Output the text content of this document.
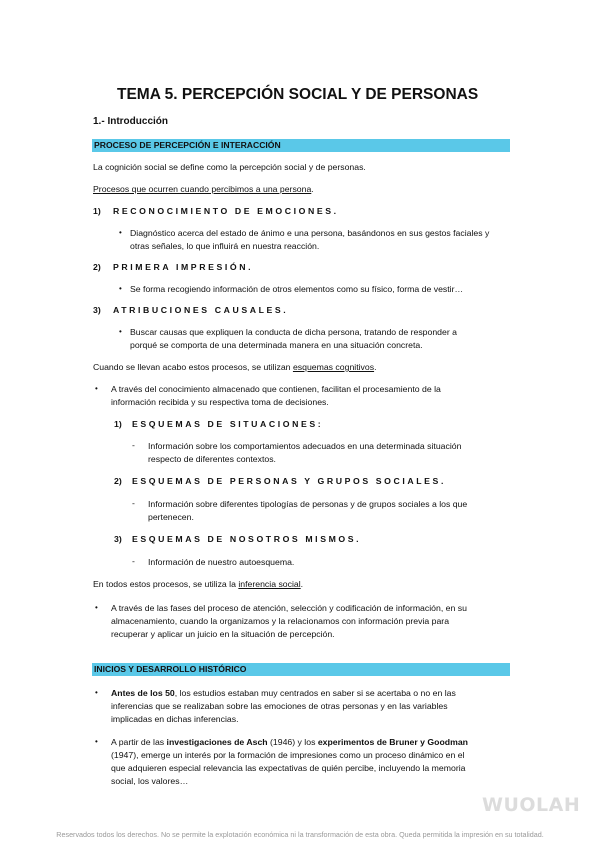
TEMA 5. PERCEPCIÓN SOCIAL Y DE PERSONAS
1.- Introducción
PROCESO DE PERCEPCIÓN E INTERACCIÓN
La cognición social se define como la percepción social y de personas.
Procesos que ocurren cuando percibimos a una persona.
1) RECONOCIMIENTO DE EMOCIONES.
• Diagnóstico acerca del estado de ánimo e una persona, basándonos en sus gestos faciales y
otras señales, lo que influirá en nuestra reacción.
2) PRIMERA IMPRESIÓN.
• Se forma recogiendo información de otros elementos como su físico, forma de vestir…
3) ATRIBUCIONES CAUSALES.
• Buscar causas que expliquen la conducta de dicha persona, tratando de responder a
porqué se comporta de una determinada manera en una situación concreta.
Cuando se llevan acabo estos procesos, se utilizan esquemas cognitivos.
• A través del conocimiento almacenado que contienen, facilitan el procesamiento de la
información recibida y su respectiva toma de decisiones.
1) ESQUEMAS DE SITUACIONES:
- Información sobre los comportamientos adecuados en una determinada situación
respecto de diferentes contextos.
2) ESQUEMAS DE PERSONAS Y GRUPOS SOCIALES.
- Información sobre diferentes tipologías de personas y de grupos sociales a los que
pertenecen.
3) ESQUEMAS DE NOSOTROS MISMOS.
- Información de nuestro autoesquema.
En todos estos procesos, se utiliza la inferencia social.
• A través de las fases del proceso de atención, selección y codificación de información, en su
almacenamiento, cuando la organizamos y la relacionamos con información previa para
recuperar y aplicar un juicio en la situación de percepción.
INICIOS Y DESARROLLO HISTÓRICO
• Antes de los 50, los estudios estaban muy centrados en saber si se acertaba o no en las
inferencias que se realizaban sobre las emociones de otras personas y en las variables
implicadas en dichas inferencias.
• A partir de las investigaciones de Asch (1946) y los experimentos de Bruner y Goodman
(1947), emerge un interés por la formación de impresiones como un proceso dinámico en el
que adquieren especial relevancia las expectativas de quién percibe, incluyendo la memoria
social, los valores…
WUOLAH
Reservados todos los derechos. No se permite la explotación económica ni la transformación de esta obra. Queda permitida la impresión en su totalidad.
